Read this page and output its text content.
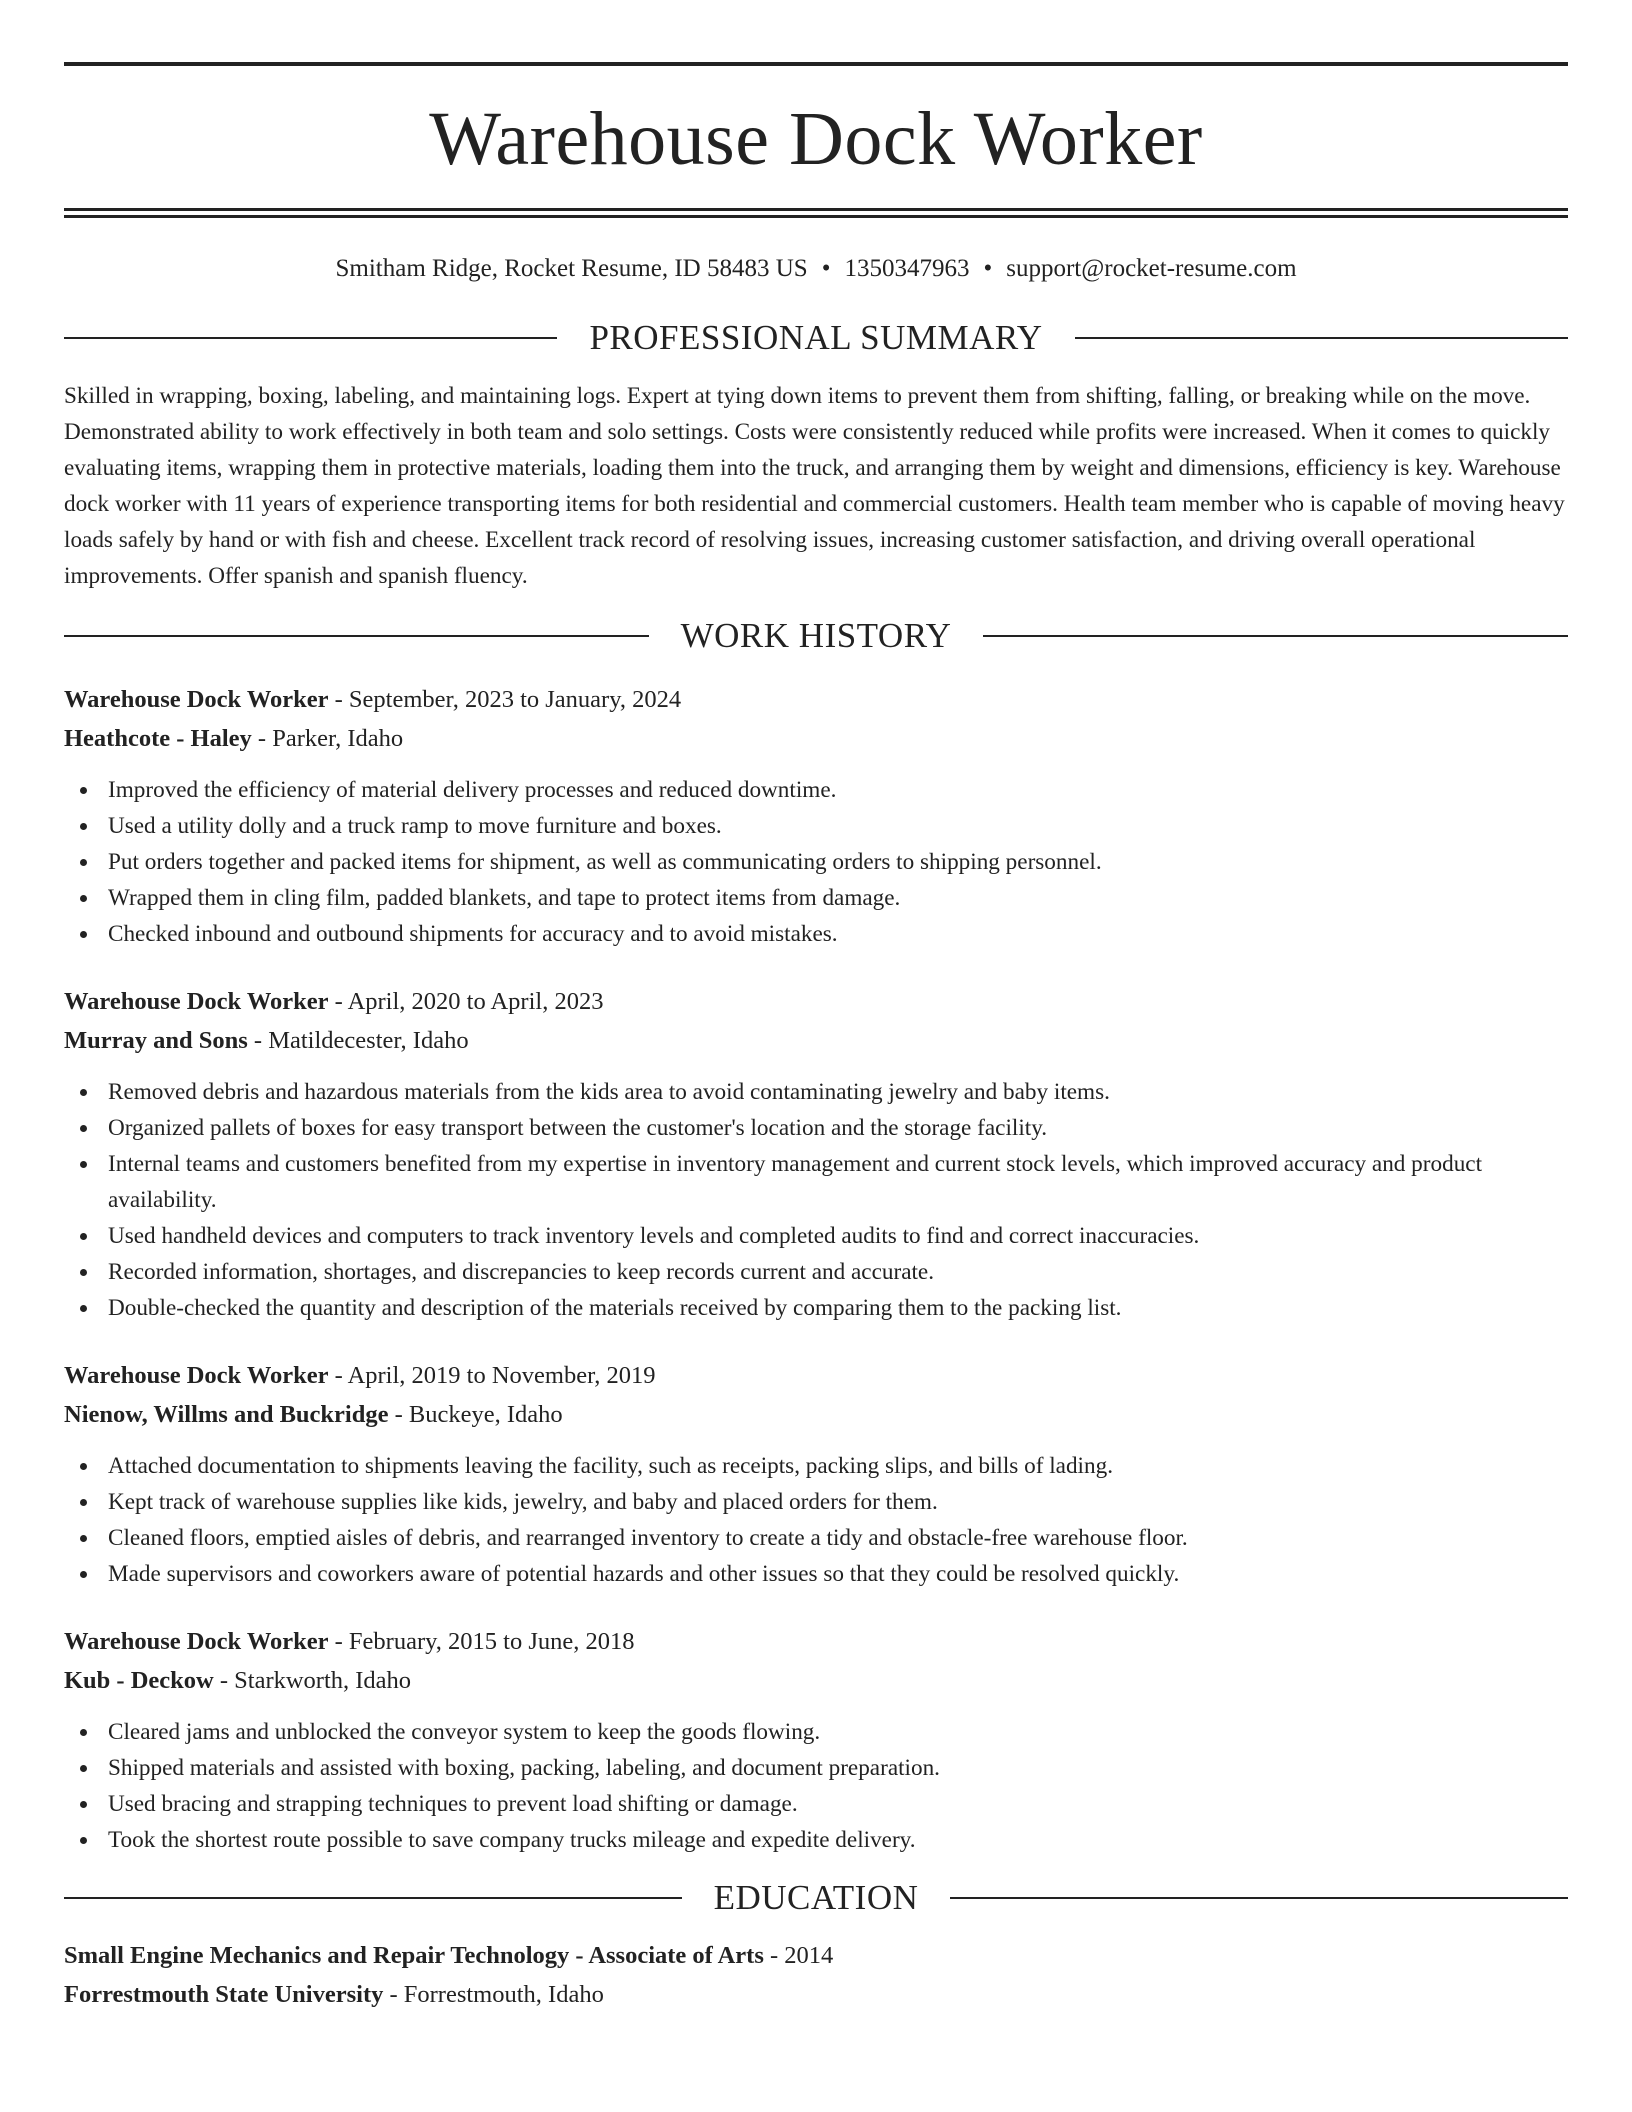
Warehouse Dock Worker
Smitham Ridge, Rocket Resume, ID 58483 US • 1350347963 • support@rocket-resume.com
PROFESSIONAL SUMMARY

Skilled in wrapping, boxing, labeling, and maintaining logs. Expert at tying down items to prevent them from shifting, falling, or breaking while on the move. Demonstrated ability to work effectively in both team and solo settings. Costs were consistently reduced while profits were increased. When it comes to quickly evaluating items, wrapping them in protective materials, loading them into the truck, and arranging them by weight and dimensions, efficiency is key. Warehouse dock worker with 11 years of experience transporting items for both residential and commercial customers. Health team member who is capable of moving heavy loads safely by hand or with fish and cheese. Excellent track record of resolving issues, increasing customer satisfaction, and driving overall operational improvements. Offer spanish and spanish fluency.

WORK HISTORY
Warehouse Dock Worker - September, 2023 to January, 2024
Heathcote - Haley - Parker, Idaho
Improved the efficiency of material delivery processes and reduced downtime.
Used a utility dolly and a truck ramp to move furniture and boxes.
Put orders together and packed items for shipment, as well as communicating orders to shipping personnel.
Wrapped them in cling film, padded blankets, and tape to protect items from damage.
Checked inbound and outbound shipments for accuracy and to avoid mistakes.
Warehouse Dock Worker - April, 2020 to April, 2023
Murray and Sons - Matildecester, Idaho
Removed debris and hazardous materials from the kids area to avoid contaminating jewelry and baby items.
Organized pallets of boxes for easy transport between the customer's location and the storage facility.
Internal teams and customers benefited from my expertise in inventory management and current stock levels, which improved accuracy and product availability.
Used handheld devices and computers to track inventory levels and completed audits to find and correct inaccuracies.
Recorded information, shortages, and discrepancies to keep records current and accurate.
Double-checked the quantity and description of the materials received by comparing them to the packing list.
Warehouse Dock Worker - April, 2019 to November, 2019
Nienow, Willms and Buckridge - Buckeye, Idaho
Attached documentation to shipments leaving the facility, such as receipts, packing slips, and bills of lading.
Kept track of warehouse supplies like kids, jewelry, and baby and placed orders for them.
Cleaned floors, emptied aisles of debris, and rearranged inventory to create a tidy and obstacle-free warehouse floor.
Made supervisors and coworkers aware of potential hazards and other issues so that they could be resolved quickly.
Warehouse Dock Worker - February, 2015 to June, 2018
Kub - Deckow - Starkworth, Idaho
Cleared jams and unblocked the conveyor system to keep the goods flowing.
Shipped materials and assisted with boxing, packing, labeling, and document preparation.
Used bracing and strapping techniques to prevent load shifting or damage.
Took the shortest route possible to save company trucks mileage and expedite delivery.
EDUCATION
Small Engine Mechanics and Repair Technology - Associate of Arts - 2014
Forrestmouth State University - Forrestmouth, Idaho
